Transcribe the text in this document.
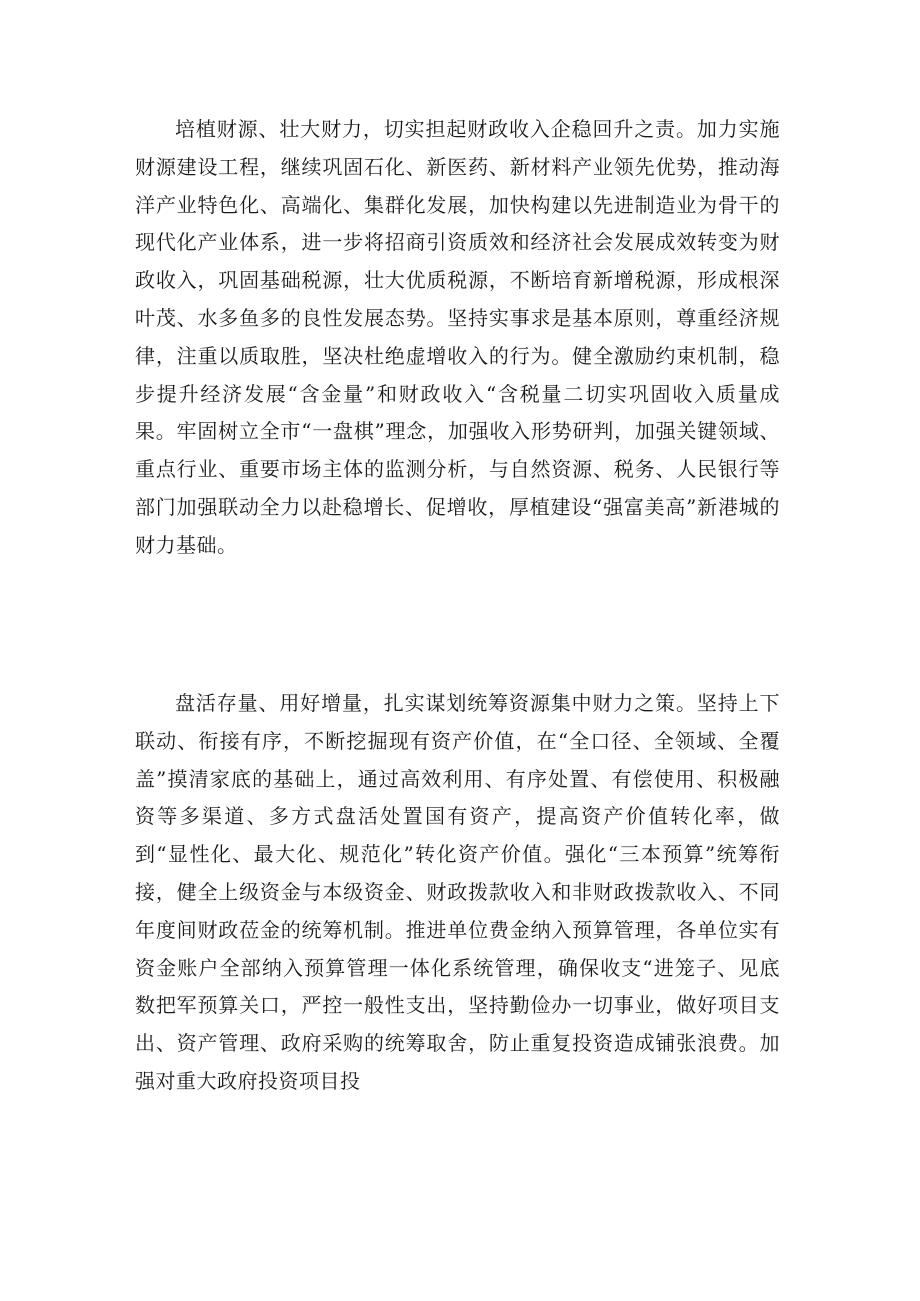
培植财源、壮大财力，切实担起财政收入企稳回升之责。加力实施财源建设工程，继续巩固石化、新医药、新材料产业领先优势，推动海洋产业特色化、高端化、集群化发展，加快构建以先进制造业为骨干的现代化产业体系，进一步将招商引资质效和经济社会发展成效转变为财政收入，巩固基础税源，壮大优质税源，不断培育新增税源，形成根深叶茂、水多鱼多的良性发展态势。坚持实事求是基本原则，尊重经济规律，注重以质取胜，坚决杜绝虚增收入的行为。健全激励约束机制，稳步提升经济发展“含金量”和财政收入“含税量二切实巩固收入质量成果。牢固树立全市“一盘棋”理念，加强收入形势研判，加强关键领域、重点行业、重要市场主体的监测分析，与自然资源、税务、人民银行等部门加强联动全力以赴稳增长、促增收，厚植建设“强富美高”新港城的财力基础。

盘活存量、用好增量，扎实谋划统筹资源集中财力之策。坚持上下联动、衔接有序，不断挖掘现有资产价值，在“全口径、全领域、全覆盖”摸清家底的基础上，通过高效利用、有序处置、有偿使用、积极融资等多渠道、多方式盘活处置国有资产，提高资产价值转化率，做到“显性化、最大化、规范化”转化资产价值。强化“三本预算”统筹衔接，健全上级资金与本级资金、财政拨款收入和非财政拨款收入、不同年度间财政莅金的统筹机制。推进单位费金纳入预算管理，各单位实有资金账户全部纳入预算管理一体化系统管理，确保收支“进笼子、见底数把军预算关口，严控一般性支出，坚持勤俭办一切事业，做好项目支出、资产管理、政府采购的统筹取舍，防止重复投资造成铺张浪费。加强对重大政府投资项目投
